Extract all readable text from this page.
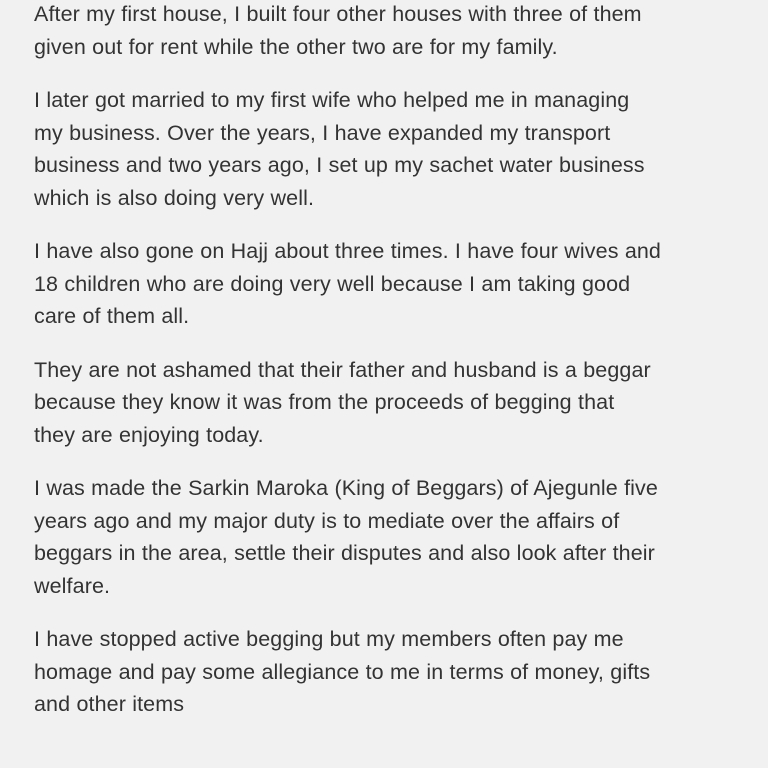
After my first house, I built four other houses with three of them
given out for rent while the other two are for my family.

I later got married to my first wife who helped me in managing
my business. Over the years, I have expanded my transport
business and two years ago, I set up my sachet water business
which is also doing very well.

I have also gone on Hajj about three times. I have four wives and
18 children who are doing very well because I am taking good
care of them all.

They are not ashamed that their father and husband is a beggar
because they know it was from the proceeds of begging that
they are enjoying today.

I was made the Sarkin Maroka (King of Beggars) of Ajegunle five
years ago and my major duty is to mediate over the affairs of
beggars in the area, settle their disputes and also look after their
welfare.

I have stopped active begging but my members often pay me
homage and pay some allegiance to me in terms of money, gifts
and other items
